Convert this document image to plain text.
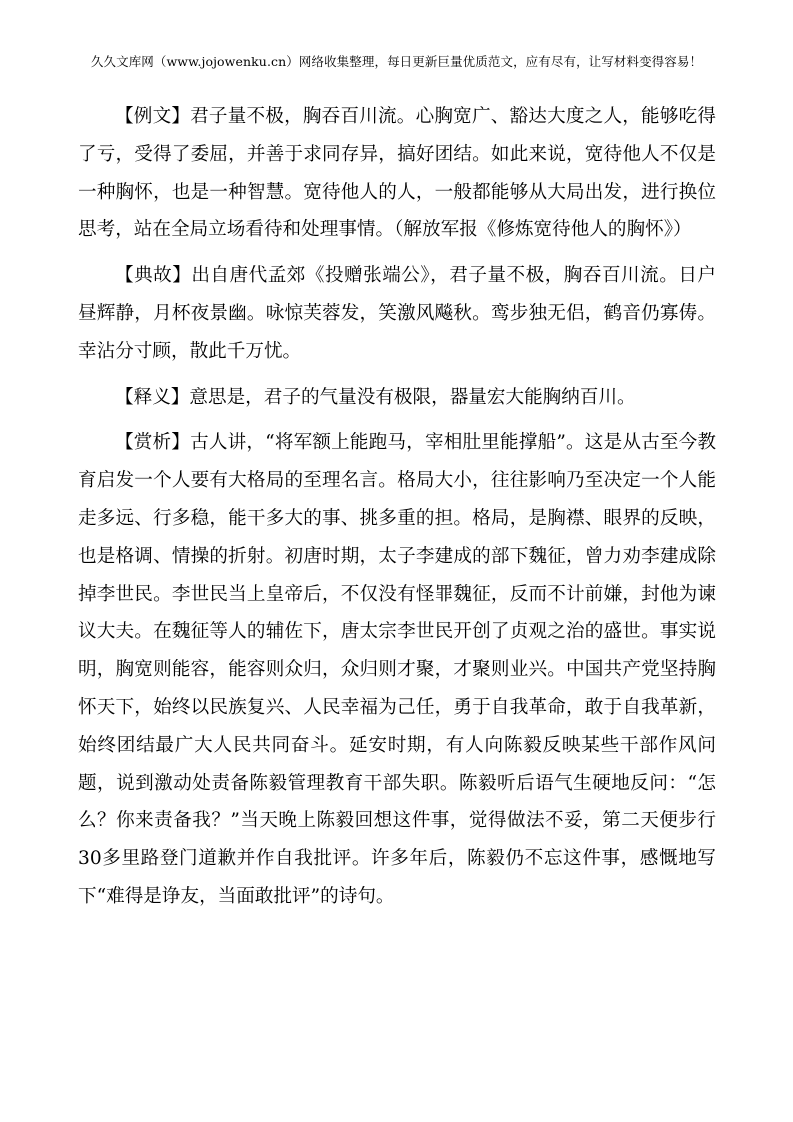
久久文库网（www.jojowenku.cn）网络收集整理，每日更新巨量优质范文，应有尽有，让写材料变得容易！

【例文】君子量不极，胸吞百川流。心胸宽广、豁达大度之人，能够吃得了亏，受得了委屈，并善于求同存异，搞好团结。如此来说，宽待他人不仅是一种胸怀，也是一种智慧。宽待他人的人，一般都能够从大局出发，进行换位思考，站在全局立场看待和处理事情。（解放军报《修炼宽待他人的胸怀》）

【典故】出自唐代孟郊《投赠张端公》，君子量不极，胸吞百川流。日户昼辉静，月杯夜景幽。咏惊芙蓉发，笑激风飚秋。鸾步独无侣，鹤音仍寡俦。幸沾分寸顾，散此千万忧。

【释义】意思是，君子的气量没有极限，器量宏大能胸纳百川。

【赏析】古人讲，“将军额上能跑马，宰相肚里能撑船”。这是从古至今教育启发一个人要有大格局的至理名言。格局大小，往往影响乃至决定一个人能走多远、行多稳，能干多大的事、挑多重的担。格局，是胸襟、眼界的反映，也是格调、情操的折射。初唐时期，太子李建成的部下魏征，曾力劝李建成除掉李世民。李世民当上皇帝后，不仅没有怪罪魏征，反而不计前嫌，封他为谏议大夫。在魏征等人的辅佐下，唐太宗李世民开创了贞观之治的盛世。事实说明，胸宽则能容，能容则众归，众归则才聚，才聚则业兴。中国共产党坚持胸怀天下，始终以民族复兴、人民幸福为己任，勇于自我革命，敢于自我革新，始终团结最广大人民共同奋斗。延安时期，有人向陈毅反映某些干部作风问题，说到激动处责备陈毅管理教育干部失职。陈毅听后语气生硬地反问：“怎么？你来责备我？”当天晚上陈毅回想这件事，觉得做法不妥，第二天便步行30多里路登门道歉并作自我批评。许多年后，陈毅仍不忘这件事，感慨地写下“难得是诤友，当面敢批评”的诗句。
